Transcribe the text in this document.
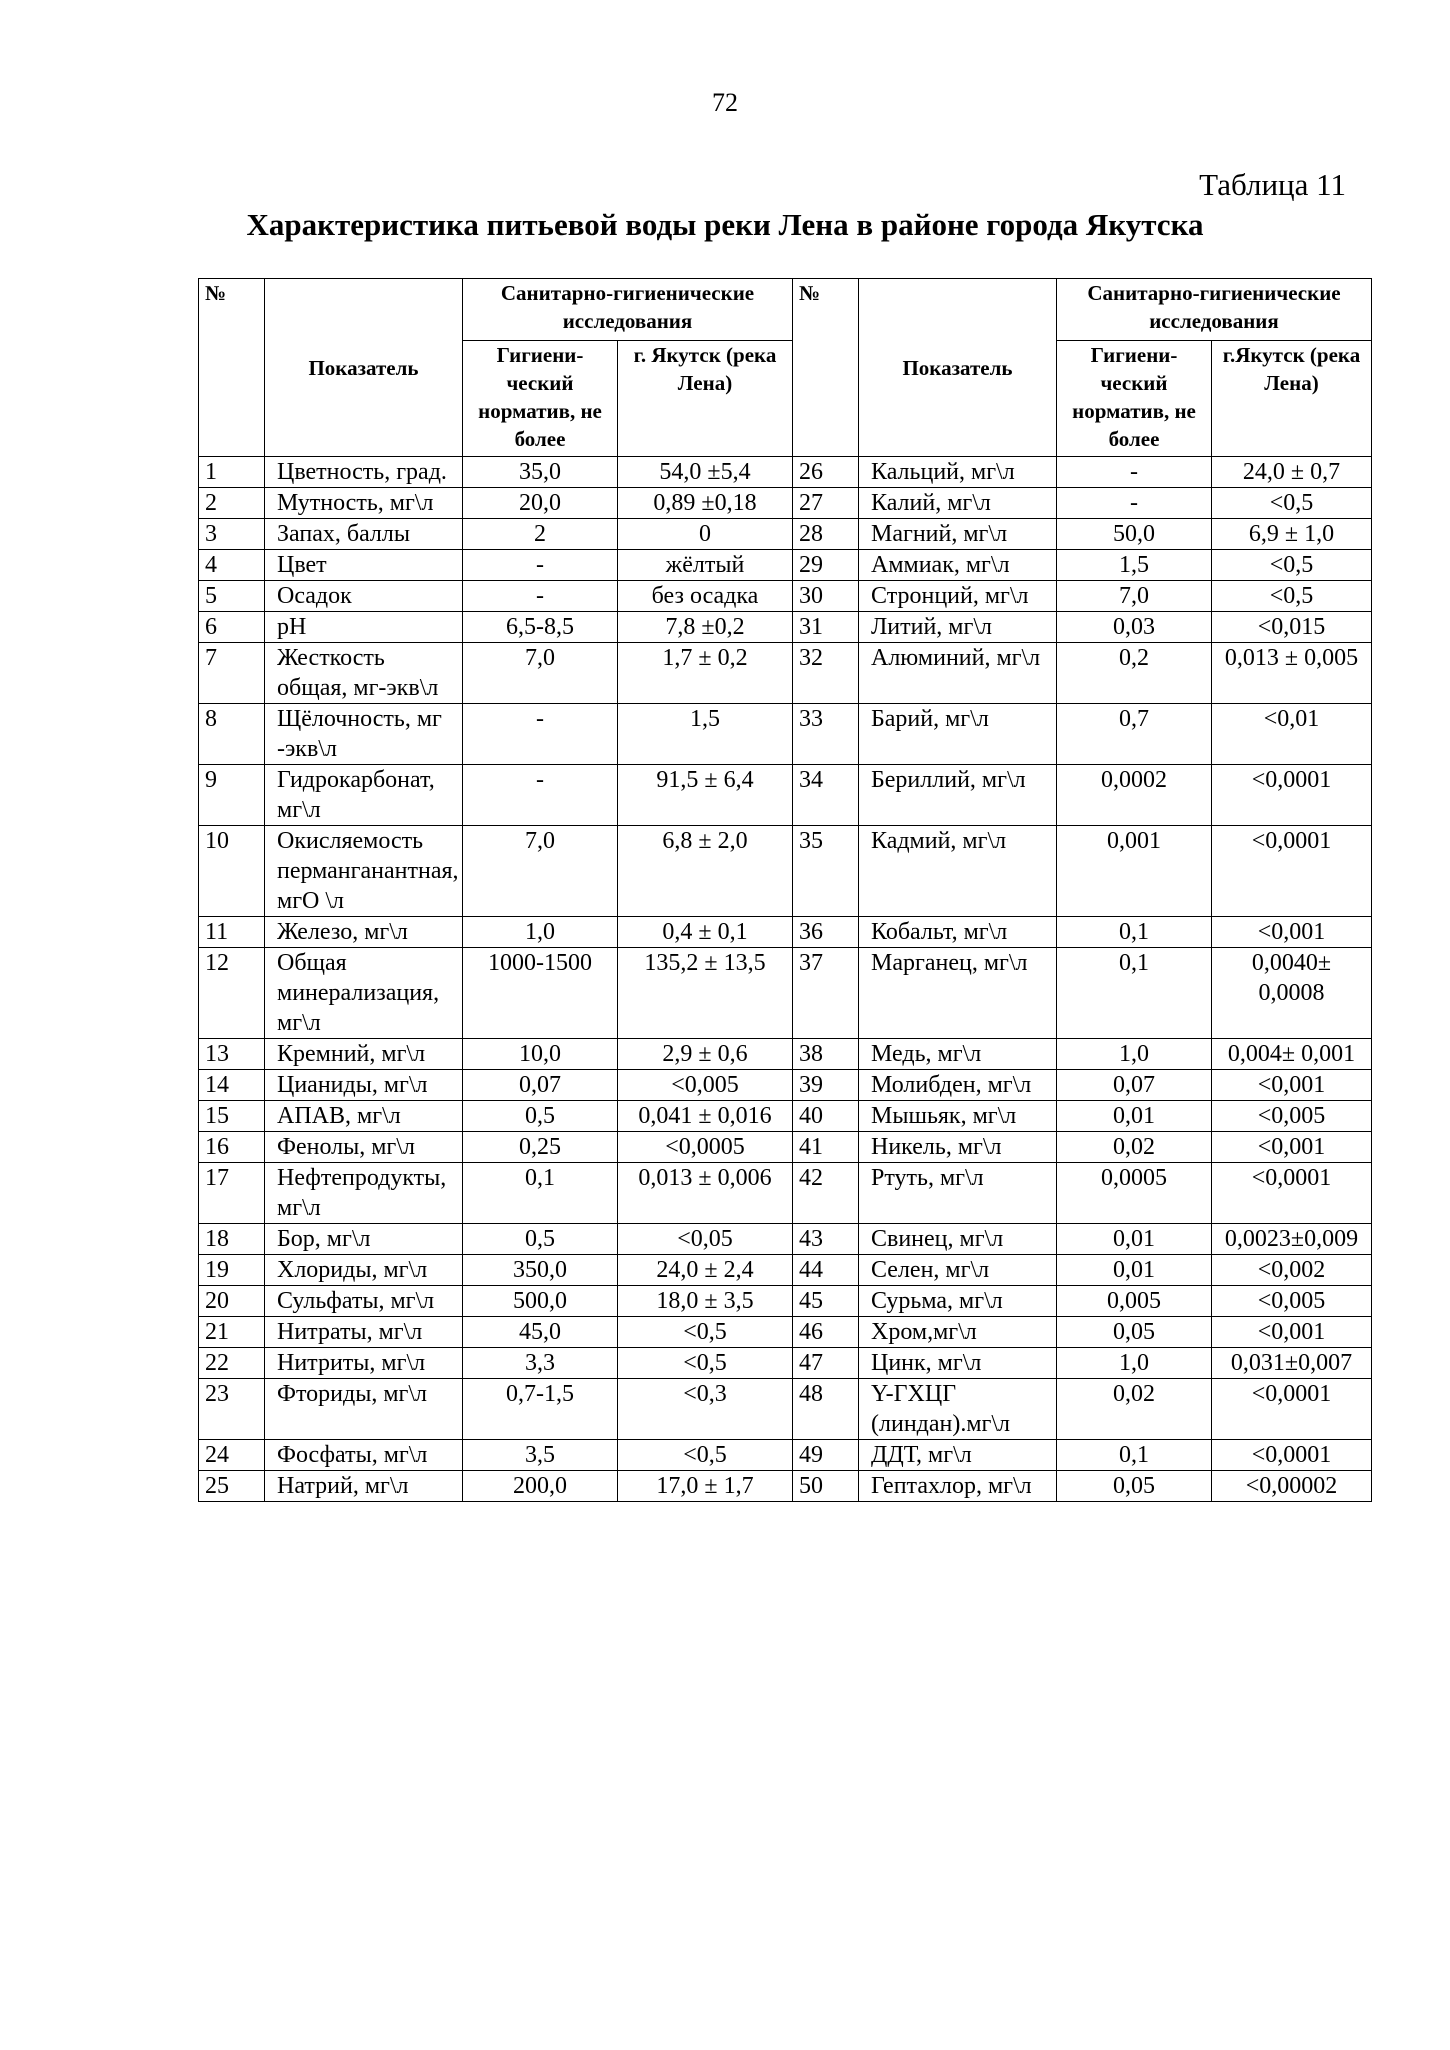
72
Таблица 11
Характеристика питьевой воды реки Лена в районе города Якутска
№	Показатель	Санитарно-гигиенические исследования		№	Показатель	Санитарно-гигиенические исследования	
		Гигиени-ческий норматив, не более	г. Якутск (река Лена)			Гигиени-ческий норматив, не более	г.Якутск (река Лена)
1	Цветность, град.	35,0	54,0 ±5,4	26	Кальций, мг\л	-	24,0 ± 0,7
2	Мутность, мг\л	20,0	0,89 ±0,18	27	Калий, мг\л	-	<0,5
3	Запах, баллы	2	0	28	Магний, мг\л	50,0	6,9 ± 1,0
4	Цвет	-	жёлтый	29	Аммиак, мг\л	1,5	<0,5
5	Осадок	-	без осадка	30	Стронций, мг\л	7,0	<0,5
6	pH	6,5-8,5	7,8 ±0,2	31	Литий, мг\л	0,03	<0,015
7	Жесткость общая, мг-экв\л	7,0	1,7 ± 0,2	32	Алюминий, мг\л	0,2	0,013 ± 0,005
8	Щёлочность, мг -экв\л	-	1,5	33	Барий, мг\л	0,7	<0,01
9	Гидрокарбонат, мг\л	-	91,5 ± 6,4	34	Бериллий, мг\л	0,0002	<0,0001
10	Окисляемость перманганантная, мгО \л	7,0	6,8 ± 2,0	35	Кадмий, мг\л	0,001	<0,0001
11	Железо, мг\л	1,0	0,4 ± 0,1	36	Кобальт, мг\л	0,1	<0,001
12	Общая минерализация, мг\л	1000-1500	135,2 ± 13,5	37	Марганец, мг\л	0,1	0,0040± 0,0008
13	Кремний, мг\л	10,0	2,9 ± 0,6	38	Медь, мг\л	1,0	0,004± 0,001
14	Цианиды, мг\л	0,07	<0,005	39	Молибден, мг\л	0,07	<0,001
15	АПАВ, мг\л	0,5	0,041 ± 0,016	40	Мышьяк, мг\л	0,01	<0,005
16	Фенолы, мг\л	0,25	<0,0005	41	Никель, мг\л	0,02	<0,001
17	Нефтепродукты, мг\л	0,1	0,013 ± 0,006	42	Ртуть, мг\л	0,0005	<0,0001
18	Бор, мг\л	0,5	<0,05	43	Свинец, мг\л	0,01	0,0023±0,009
19	Хлориды, мг\л	350,0	24,0 ± 2,4	44	Селен, мг\л	0,01	<0,002
20	Сульфаты, мг\л	500,0	18,0 ± 3,5	45	Сурьма, мг\л	0,005	<0,005
21	Нитраты, мг\л	45,0	<0,5	46	Хром,мг\л	0,05	<0,001
22	Нитриты, мг\л	3,3	<0,5	47	Цинк, мг\л	1,0	0,031±0,007
23	Фториды, мг\л	0,7-1,5	<0,3	48	Y-ГХЦГ (линдан).мг\л	0,02	<0,0001
24	Фосфаты, мг\л	3,5	<0,5	49	ДДТ, мг\л	0,1	<0,0001
25	Натрий, мг\л	200,0	17,0 ± 1,7	50	Гептахлор, мг\л	0,05	<0,00002
